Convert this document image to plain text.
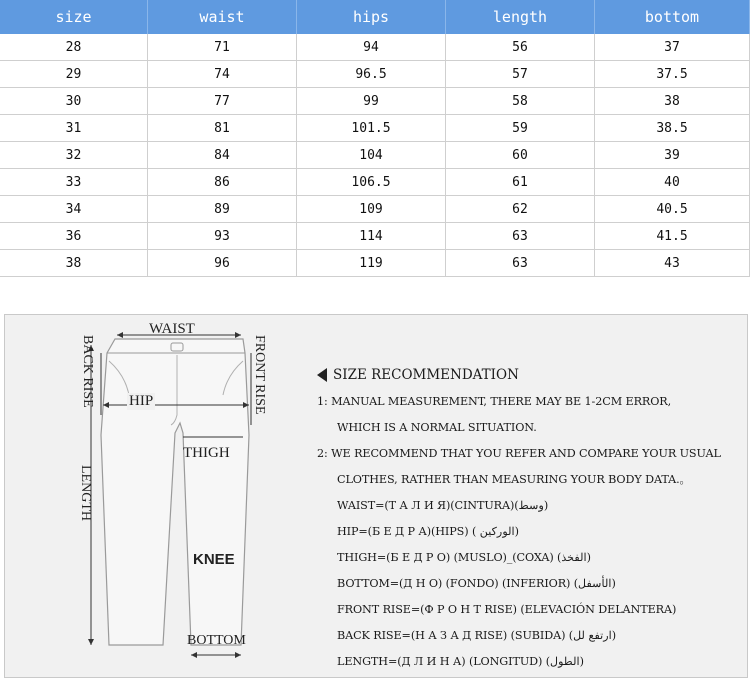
size	waist	hips	length	bottom
28	71	94	56	37
29	74	96.5	57	37.5
30	77	99	58	38
31	81	101.5	59	38.5
32	84	104	60	39
33	86	106.5	61	40
34	89	109	62	40.5
36	93	114	63	41.5
38	96	119	63	43
WAIST
BACK RISE	FRONT RISE
HIP
THIGH
LENGTH
KNEE
BOTTOM
SIZE RECOMMENDATION
1: MANUAL MEASUREMENT, THERE MAY BE 1-2CM ERROR,
WHICH IS A NORMAL SITUATION.
2: WE RECOMMEND THAT YOU REFER AND COMPARE YOUR USUAL
CLOTHES, RATHER THAN MEASURING YOUR BODY DATA.。
WAIST=(Т А Л И Я)(CINTURA)(وسط)
HIP=(Б Е Д Р А)(HIPS) ( الوركين)
THIGH=(Б Е Д Р О) (MUSLO)_(COXA) (الفخذ)
BOTTOM=(Д Н О) (FONDO) (INFERIOR) (الأسفل)
FRONT RISE=(Ф Р О Н Т RISE) (ELEVACIÓN DELANTERA)
BACK RISE=(Н А З А Д RISE) (SUBIDA) (ارتفع لل)
LENGTH=(Д Л И Н А) (LONGITUD) (الطول)
